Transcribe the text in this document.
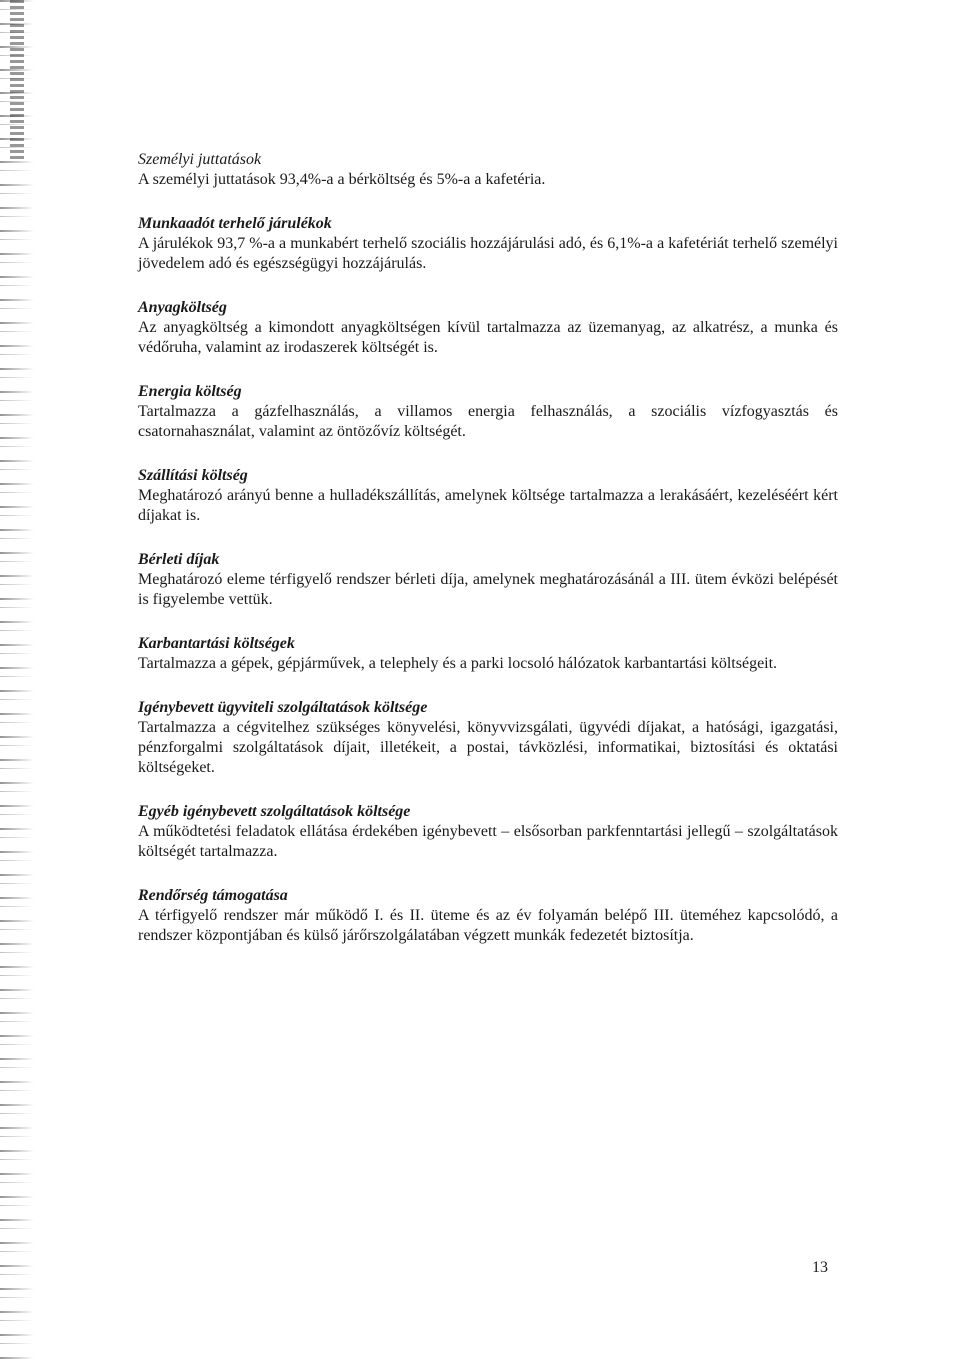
Személyi juttatások

A személyi juttatások 93,4%-a a bérköltség és 5%-a a kafetéria.

Munkaadót terhelő járulékok

A járulékok 93,7 %-a a munkabért terhelő szociális hozzájárulási adó, és 6,1%-a a kafetériát terhelő személyi jövedelem adó és egészségügyi hozzájárulás.

Anyagköltség

Az anyagköltség a kimondott anyagköltségen kívül tartalmazza az üzemanyag, az alkatrész, a munka és védőruha, valamint az irodaszerek költségét is.

Energia költség

Tartalmazza a gázfelhasználás, a villamos energia felhasználás, a szociális vízfogyasztás és csatornahasználat, valamint az öntözővíz költségét.

Szállítási költség

Meghatározó arányú benne a hulladékszállítás, amelynek költsége tartalmazza a lerakásáért, kezeléséért kért díjakat is.

Bérleti díjak

Meghatározó eleme térfigyelő rendszer bérleti díja, amelynek meghatározásánál a III. ütem évközi belépését is figyelembe vettük.

Karbantartási költségek

Tartalmazza a gépek, gépjárművek, a telephely és a parki locsoló hálózatok karbantartási költségeit.

Igénybevett ügyviteli szolgáltatások költsége

Tartalmazza a cégvitelhez szükséges könyvelési, könyvvizsgálati, ügyvédi díjakat, a hatósági, igazgatási, pénzforgalmi szolgáltatások díjait, illetékeit, a postai, távközlési, informatikai, biztosítási és oktatási költségeket.

Egyéb igénybevett szolgáltatások költsége

A működtetési feladatok ellátása érdekében igénybevett – elsősorban parkfenntartási jellegű – szolgáltatások költségét tartalmazza.

Rendőrség támogatása

A térfigyelő rendszer már működő I. és II. üteme és az év folyamán belépő III. üteméhez kapcsolódó, a rendszer központjában és külső járőrszolgálatában végzett munkák fedezetét biztosítja.

13
